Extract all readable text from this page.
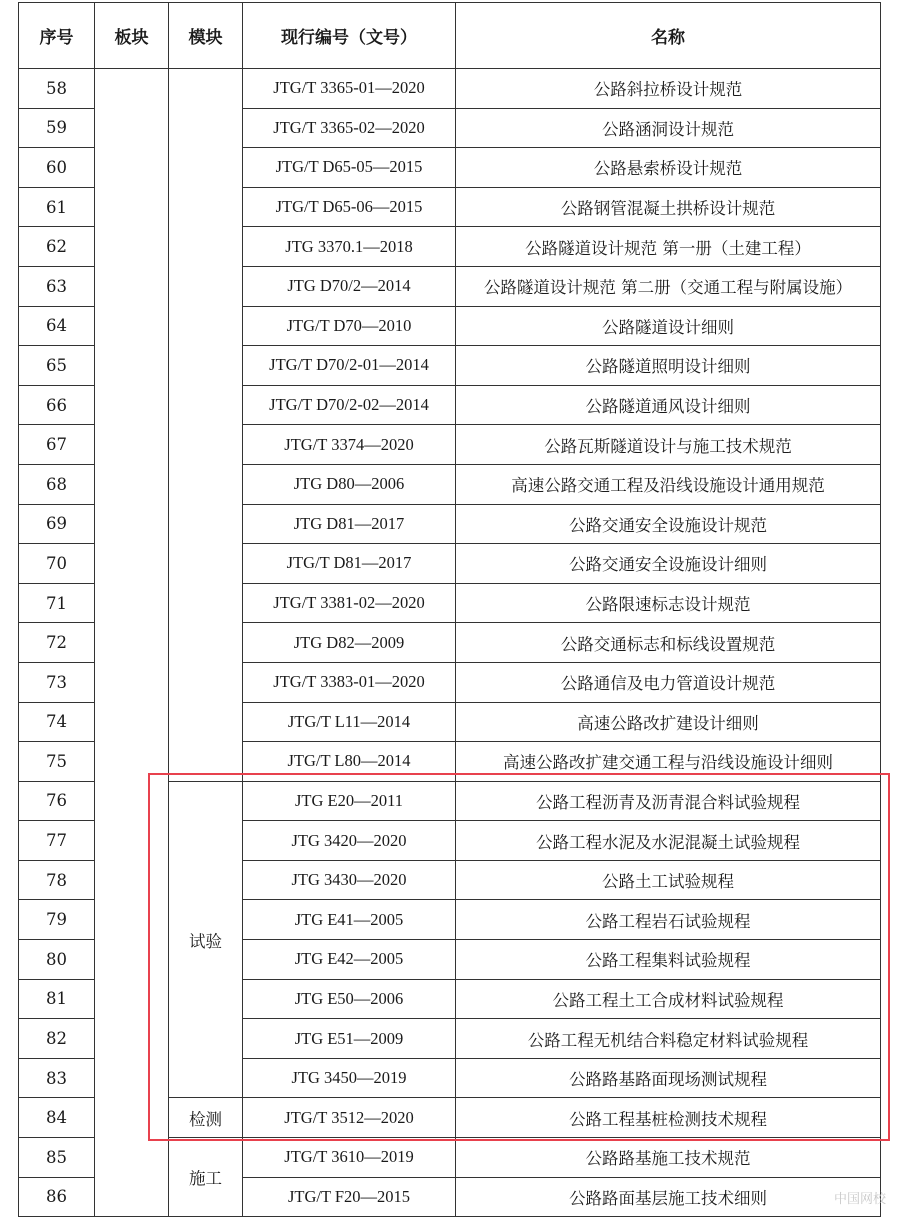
序号	板块	模块	现行编号（文号）	名称
58			JTG/T 3365-01—2020	公路斜拉桥设计规范
59			JTG/T 3365-02—2020	公路涵洞设计规范
60			JTG/T D65-05—2015	公路悬索桥设计规范
61			JTG/T D65-06—2015	公路钢管混凝土拱桥设计规范
62			JTG 3370.1—2018	公路隧道设计规范 第一册（土建工程）
63			JTG D70/2—2014	公路隧道设计规范 第二册（交通工程与附属设施）
64			JTG/T D70—2010	公路隧道设计细则
65			JTG/T D70/2-01—2014	公路隧道照明设计细则
66			JTG/T D70/2-02—2014	公路隧道通风设计细则
67			JTG/T 3374—2020	公路瓦斯隧道设计与施工技术规范
68			JTG D80—2006	高速公路交通工程及沿线设施设计通用规范
69			JTG D81—2017	公路交通安全设施设计规范
70			JTG/T D81—2017	公路交通安全设施设计细则
71			JTG/T 3381-02—2020	公路限速标志设计规范
72			JTG D82—2009	公路交通标志和标线设置规范
73			JTG/T 3383-01—2020	公路通信及电力管道设计规范
74			JTG/T L11—2014	高速公路改扩建设计细则
75			JTG/T L80—2014	高速公路改扩建交通工程与沿线设施设计细则
76		试验	JTG E20—2011	公路工程沥青及沥青混合料试验规程
77			JTG 3420—2020	公路工程水泥及水泥混凝土试验规程
78			JTG 3430—2020	公路土工试验规程
79			JTG E41—2005	公路工程岩石试验规程
80			JTG E42—2005	公路工程集料试验规程
81			JTG E50—2006	公路工程土工合成材料试验规程
82			JTG E51—2009	公路工程无机结合料稳定材料试验规程
83			JTG 3450—2019	公路路基路面现场测试规程
84		检测	JTG/T 3512—2020	公路工程基桩检测技术规程
85		施工	JTG/T 3610—2019	公路路基施工技术规范
86			JTG/T F20—2015	公路路面基层施工技术细则	中国网校
